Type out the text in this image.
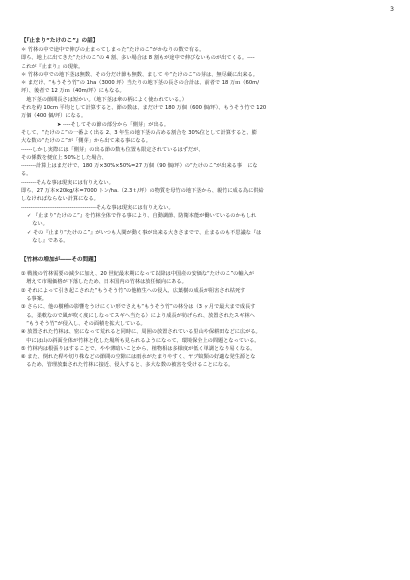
3
【『止まり“たけのこ”』の話】
＊ 竹林の中で途中で伸びの止まってしまった“たけのこ”がかなりの数で有る。
即ち、地上に出てきた“たけのこ”の 4 割、多い場合は 8 割もが途中で伸びないものが出てくる。----
これが『止まり』の現象。
＊ 竹林の中での地下茎は無数、その分だけ節も無数、まして や“たけのこ”の芽は、無尽蔵に出来る。
＊ まだけ、“もうそう竹”の 1ha（3000 坪）当たりの地下茎の長さの合計は、前者で 18 万ｍ（60m/
坪）、後者で 12 万ｍ（40m/坪）にもなる。
　地下茎の節間長さは短かい。（地下茎は傘の柄によく使われている。）
それを約 10cm 平均として計算すると、節の数は、まだけで 180 万個（600 個/坪）、もうそう竹で 120
万個（400 個/坪）になる。
➤ ----そしてその節の部分から「側芽」が出る。
そして、“たけのこ”の一番よく出る 2、3 年生の地下茎の占める割合を 30%位として計算すると、膨
大な数の“たけのこ”が「側芽」から出て来る事になる。
------しかし実際には「側芽」の出る節の数も位置も限定されているはずだが、
その係数を便宜上 50%とした場合、
--------計算上はまだけで、180 万×30%×50%=27 万個（90 個/坪）の“たけのこ”が出来る事　にな
る。
--------そんな事は現実には有りえない。
即ち、27 万本×20kg/本=7000 トン/ha.（2.3ｔ/坪）の物質を母竹の地下茎から、親竹に成る為に供給
しなければならない計算になる。
----------------------------------------そんな事は現実には有りえない。
✓ 『止まり“たけのこ”』を竹林全体で作る事により、自動調節、防衛本能が働いているのかもしれ
　ない。
✓ その『止まり“たけのこ”』がいつも人間が動く事が出来る大きさまでで、止まるのも不思議な『は
　なし』である。
【竹林の増加が――その問題】
① 戦後の竹林需要の減少に加え、20 世紀最末期になって以降は中国産の安価な“たけのこ”の輸入が
　増えて市場価格が下落したため、日本国内の竹林は放任傾向にある。
② それによって引き起こされた“もうそう竹”の他植生への侵入、広葉樹の成長が阻害され枯死す
　る事案。
③ さらに、他の樹種の影響をうけにくい形でさえも“もうそう竹”の林分は（3 ヶ月で最大まで成長す
　る。柔軟なので風が吹く度にしなってスギへ当たる）により成長が妨げられ、放置されたスギ林へ
　“もうそう竹”が侵入し、その面積を拡大している。
④ 放置された竹林は、密になって荒れると同時に、周囲の放置されている里山や保耕田などに広がる。
　中には山の斜面全体が竹林と化した場所も見られるようになって、環境保全上の問題となっている。
⑤ 竹林内は根張りはすることで、やや薄暗いことから、植物相は多様度が低く単調となり易くなる。
⑥ また、倒れた稈や切り株などの節間の空隙には雨水がたまりやすく、ヤブ蚊類の好適な発生源とな
　るため、管理放棄された竹林に接近、侵入すると、多大な数の被害を受けることになる。
